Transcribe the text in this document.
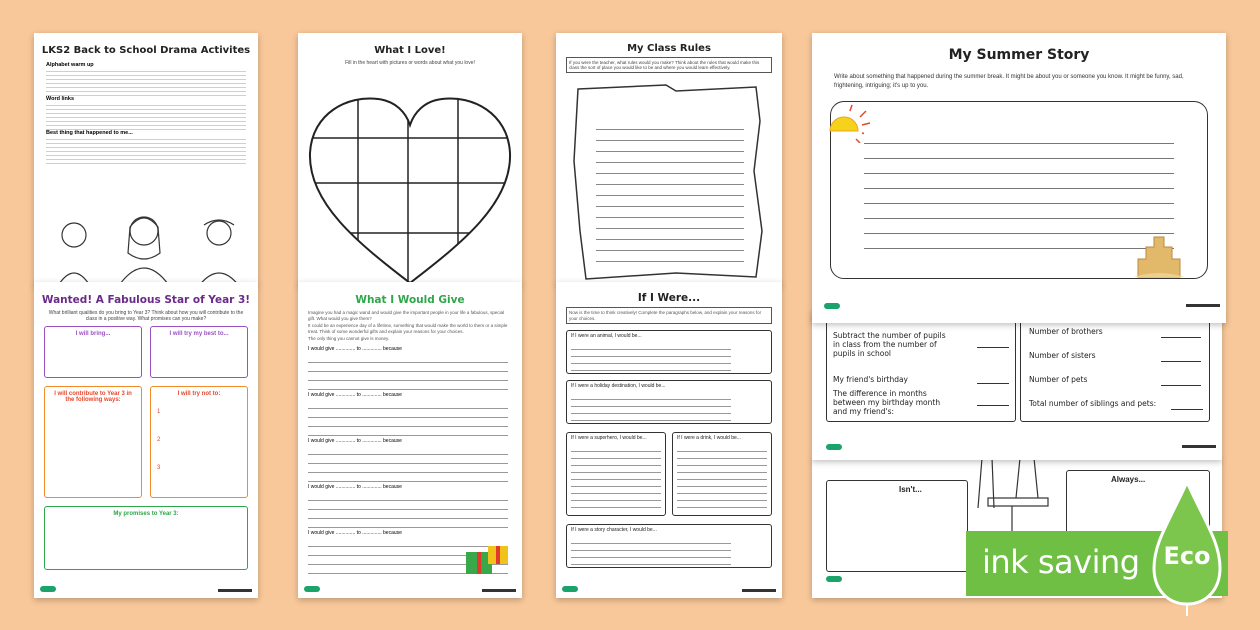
LKS2 Back to School Drama Activites
Alphabet warm up
Word links
Best thing that happened to me...
What I Love!
Fill in the heart with pictures or words about what you love!
My Class Rules
If you were the teacher, what rules would you make? Think about the rules that would make this class the sort of place you would like to be and where you would learn effectively.
My Summer Story
Write about something that happened during the summer break. It might be about you or someone you know. It might be funny, sad, frightening, intriguing; it's up to you.
Wanted! A Fabulous Star of Year 3!
What brilliant qualities do you bring to Year 3? Think about how you will contribute to the class in a positive way. What promises can you make?
I will bring...	I will try my best to...
I will contribute to Year 3 in the following ways:
I will try not to:
1
2
3
My promises to Year 3:
What I Would Give
Imagine you had a magic wand and would give the important people in your life a fabulous, special gift. What would you give them?
It could be an experience day of a lifetime, something that would make the world to them or a simple treat. Think of some wonderful gifts and explain your reasons for your choices.
The only thing you cannot give is money.
I would give .............. to .............. because
I would give .............. to .............. because
I would give .............. to .............. because
I would give .............. to .............. because
I would give .............. to .............. because
If I Were...
Now is the time to think creatively! Complete the paragraphs below, and explain your reasons for your choices.
If I were an animal, I would be...
If I were a holiday destination, I would be...
If I were a superhero, I would be...	If I were a drink, I would be...
If I were a story character, I would be...
Subtract the number of pupils in class from the number of pupils in school
My friend's birthday
The difference in months between my birthday month and my friend's:
Number of brothers
Number of sisters
Number of pets
Total number of siblings and pets:
Isn't...
Always...
ink saving Eco
